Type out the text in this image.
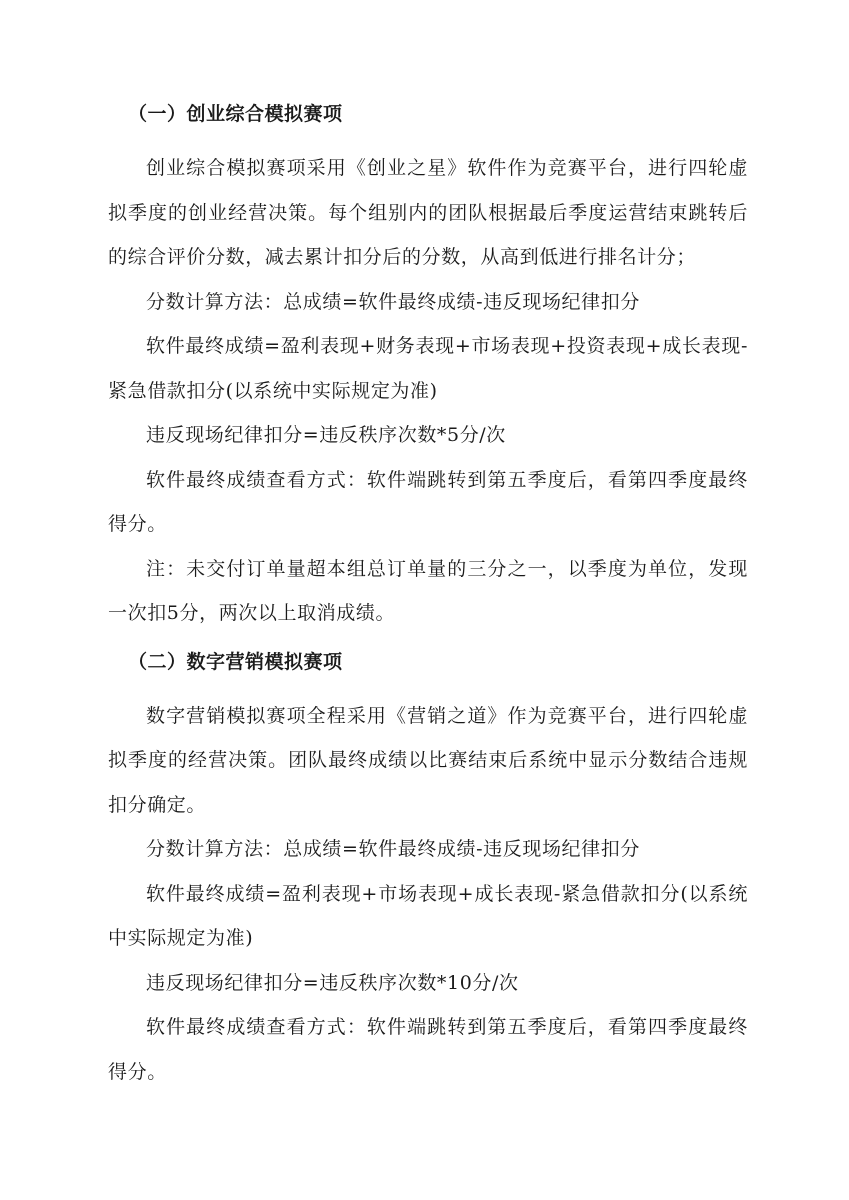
（一）创业综合模拟赛项

创业综合模拟赛项采用《创业之星》软件作为竞赛平台，进行四轮虚拟季度的创业经营决策。每个组别内的团队根据最后季度运营结束跳转后的综合评价分数，减去累计扣分后的分数，从高到低进行排名计分；

分数计算方法：总成绩=软件最终成绩-违反现场纪律扣分

软件最终成绩=盈利表现+财务表现+市场表现+投资表现+成长表现-紧急借款扣分(以系统中实际规定为准)

违反现场纪律扣分=违反秩序次数*5分/次

软件最终成绩查看方式：软件端跳转到第五季度后，看第四季度最终得分。

注：未交付订单量超本组总订单量的三分之一，以季度为单位，发现一次扣5分，两次以上取消成绩。

（二）数字营销模拟赛项

数字营销模拟赛项全程采用《营销之道》作为竞赛平台，进行四轮虚拟季度的经营决策。团队最终成绩以比赛结束后系统中显示分数结合违规扣分确定。

分数计算方法：总成绩=软件最终成绩-违反现场纪律扣分

软件最终成绩=盈利表现+市场表现+成长表现-紧急借款扣分(以系统中实际规定为准)

违反现场纪律扣分=违反秩序次数*10分/次

软件最终成绩查看方式：软件端跳转到第五季度后，看第四季度最终得分。
